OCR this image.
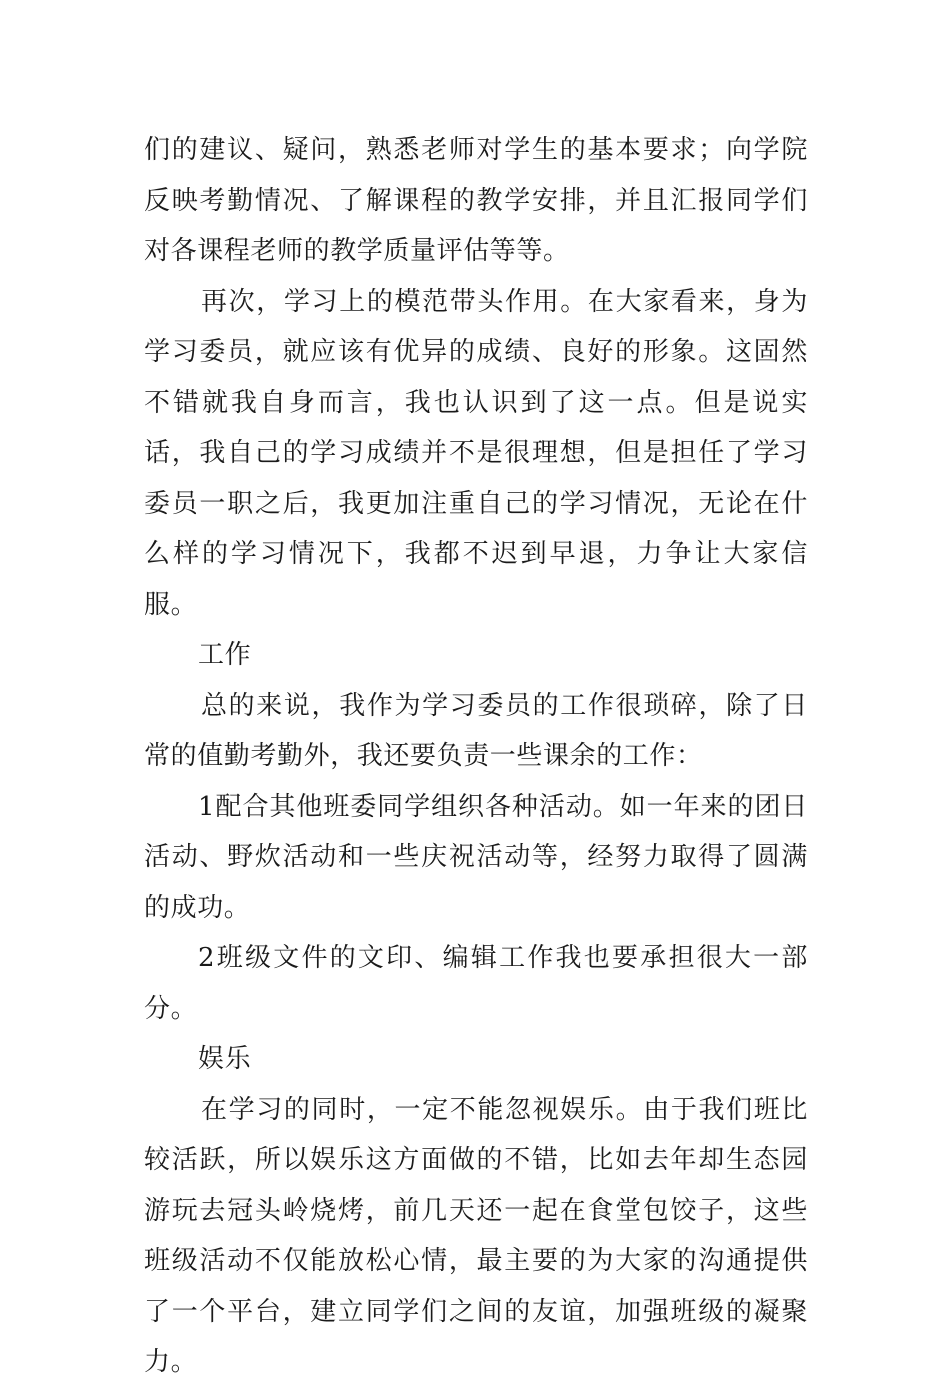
们的建议、疑问，熟悉老师对学生的基本要求；向学院反映考勤情况、了解课程的教学安排，并且汇报同学们对各课程老师的教学质量评估等等。

再次，学习上的模范带头作用。在大家看来，身为学习委员，就应该有优异的成绩、良好的形象。这固然不错就我自身而言，我也认识到了这一点。但是说实话，我自己的学习成绩并不是很理想，但是担任了学习委员一职之后，我更加注重自己的学习情况，无论在什么样的学习情况下，我都不迟到早退，力争让大家信服。

工作

总的来说，我作为学习委员的工作很琐碎，除了日常的值勤考勤外，我还要负责一些课余的工作：

1配合其他班委同学组织各种活动。如一年来的团日活动、野炊活动和一些庆祝活动等，经努力取得了圆满的成功。

2班级文件的文印、编辑工作我也要承担很大一部分。

娱乐

在学习的同时，一定不能忽视娱乐。由于我们班比较活跃，所以娱乐这方面做的不错，比如去年却生态园游玩去冠头岭烧烤，前几天还一起在食堂包饺子，这些班级活动不仅能放松心情，最主要的为大家的沟通提供了一个平台，建立同学们之间的友谊，加强班级的凝聚力。
